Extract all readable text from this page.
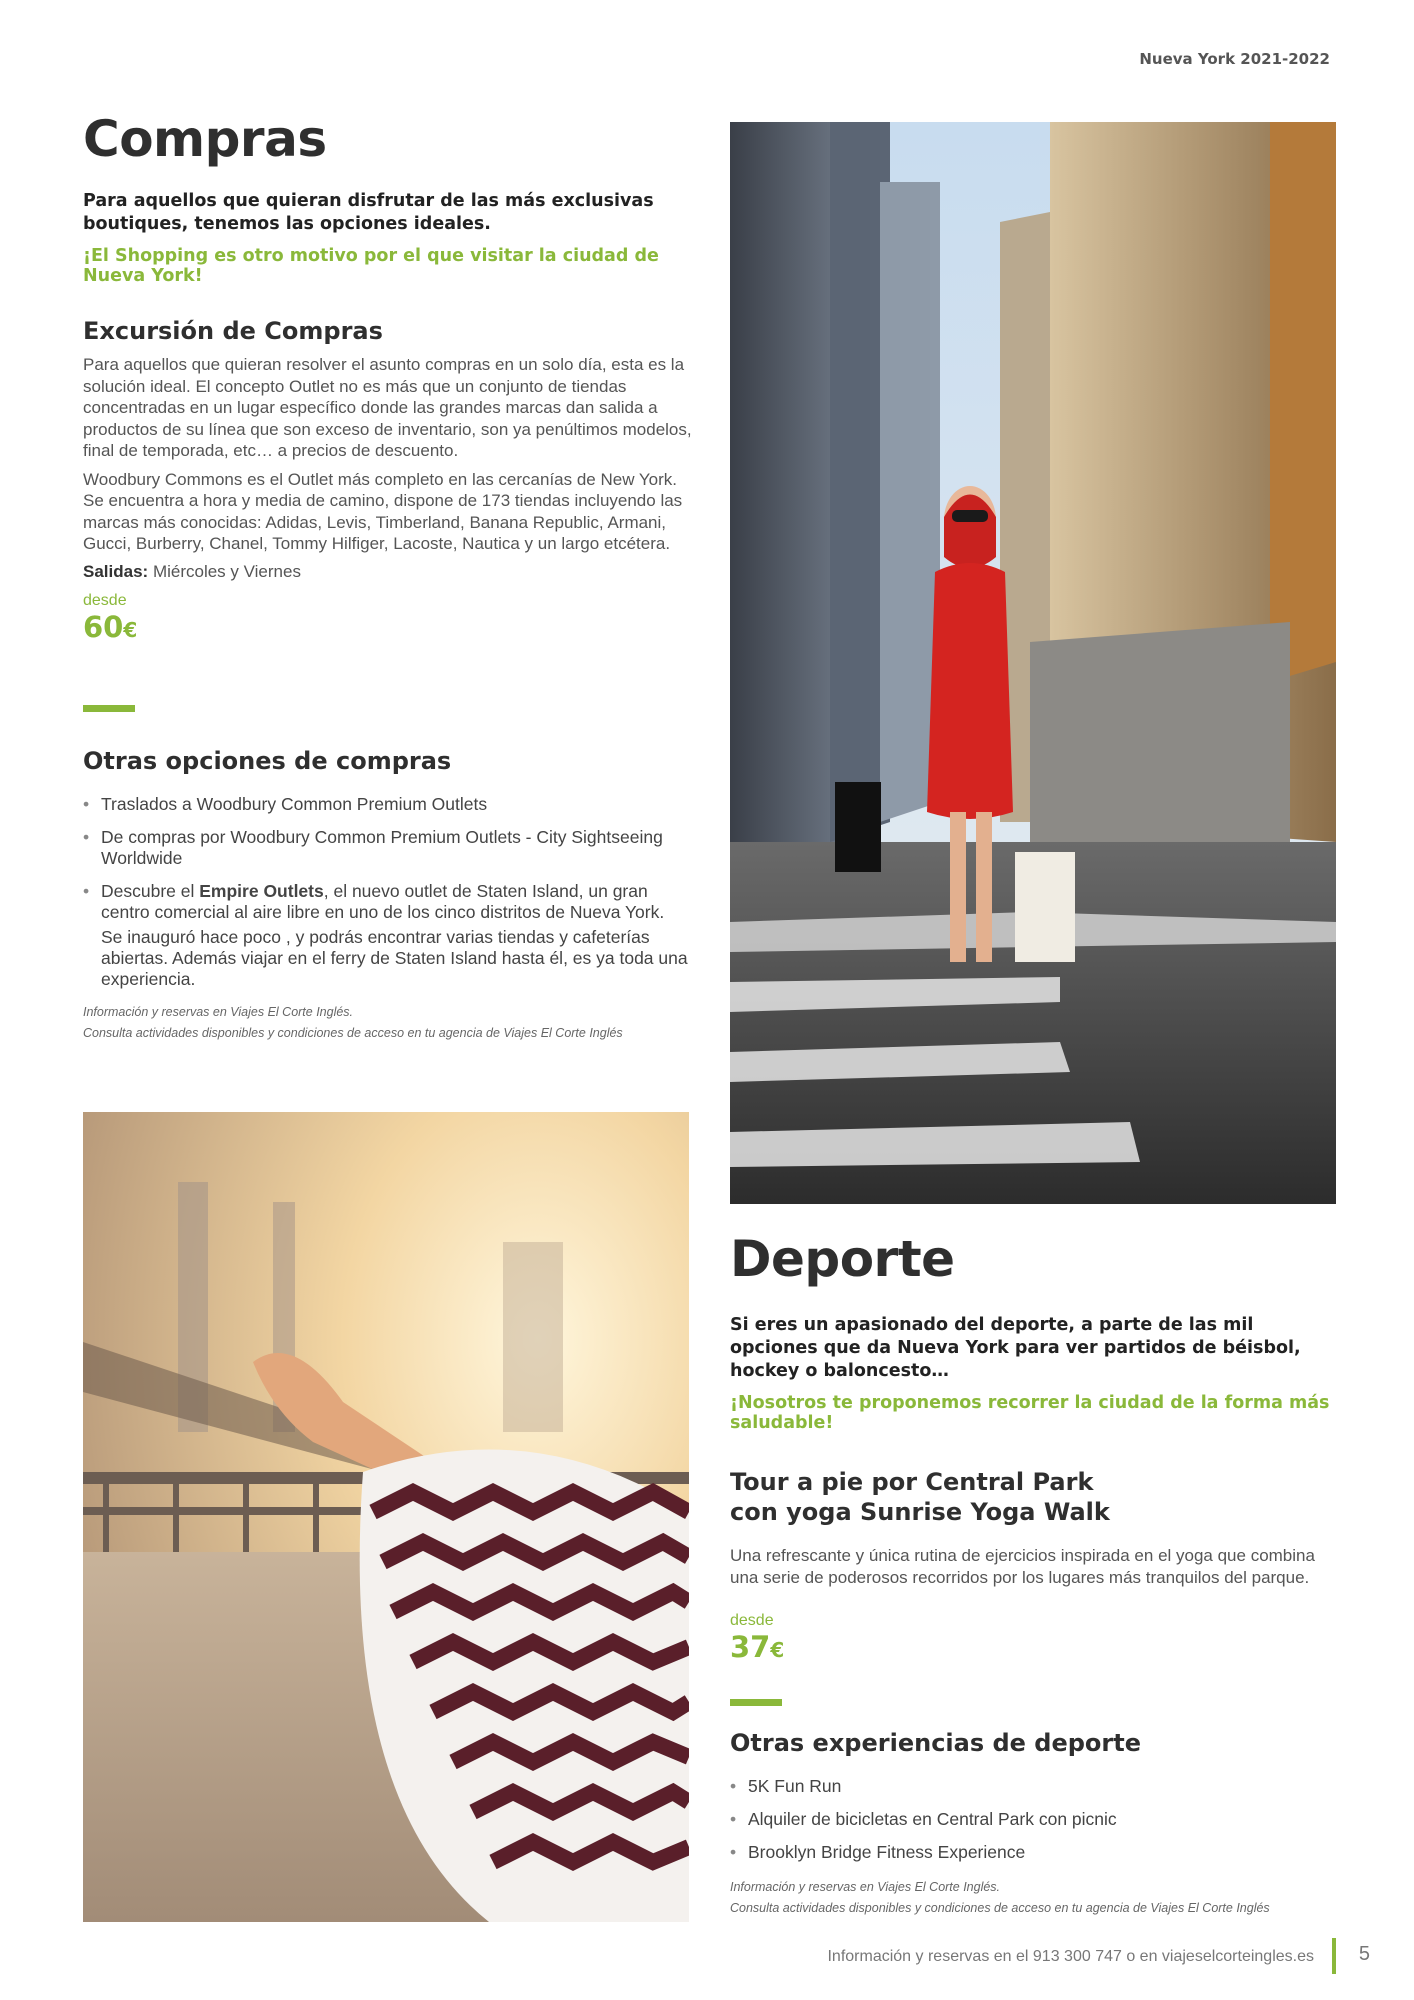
Nueva York 2021-2022
Compras

Para aquellos que quieran disfrutar de las más exclusivas boutiques, tenemos las opciones ideales.

¡El Shopping es otro motivo por el que visitar la ciudad de Nueva York!

Excursión de Compras

Para aquellos que quieran resolver el asunto compras en un solo día, esta es la solución ideal. El concepto Outlet no es más que un conjunto de tiendas concentradas en un lugar específico donde las grandes marcas dan salida a productos de su línea que son exceso de inventario, son ya penúltimos modelos, final de temporada, etc… a precios de descuento.

Woodbury Commons es el Outlet más completo en las cercanías de New York. Se encuentra a hora y media de camino, dispone de 173 tiendas incluyendo las marcas más conocidas: Adidas, Levis, Timberland, Banana Republic, Armani, Gucci, Burberry, Chanel, Tommy Hilfiger, Lacoste, Nautica y un largo etcétera.

Salidas: Miércoles y Viernes

desde

60€

Otras opciones de compras
• Traslados a Woodbury Common Premium Outlets
• De compras por Woodbury Common Premium Outlets - City Sightseeing Worldwide
• Descubre el Empire Outlets, el nuevo outlet de Staten Island, un gran centro comercial al aire libre en uno de los cinco distritos de Nueva York.
Se inauguró hace poco , y podrás encontrar varias tiendas y cafeterías abiertas. Además viajar en el ferry de Staten Island hasta él, es ya toda una experiencia.

Información y reservas en Viajes El Corte Inglés.

Consulta actividades disponibles y condiciones de acceso en tu agencia de Viajes El Corte Inglés

Deporte

Si eres un apasionado del deporte, a parte de las mil opciones que da Nueva York para ver partidos de béisbol, hockey o baloncesto…

¡Nosotros te proponemos recorrer la ciudad de la forma más saludable!

Tour a pie por Central Park con yoga Sunrise Yoga Walk

Una refrescante y única rutina de ejercicios inspirada en el yoga que combina una serie de poderosos recorridos por los lugares más tranquilos del parque.

desde

37€

Otras experiencias de deporte
• 5K Fun Run
• Alquiler de bicicletas en Central Park con picnic
• Brooklyn Bridge Fitness Experience

Información y reservas en Viajes El Corte Inglés.

Consulta actividades disponibles y condiciones de acceso en tu agencia de Viajes El Corte Inglés

Información y reservas en el 913 300 747 o en viajeselcorteingles.es 5
